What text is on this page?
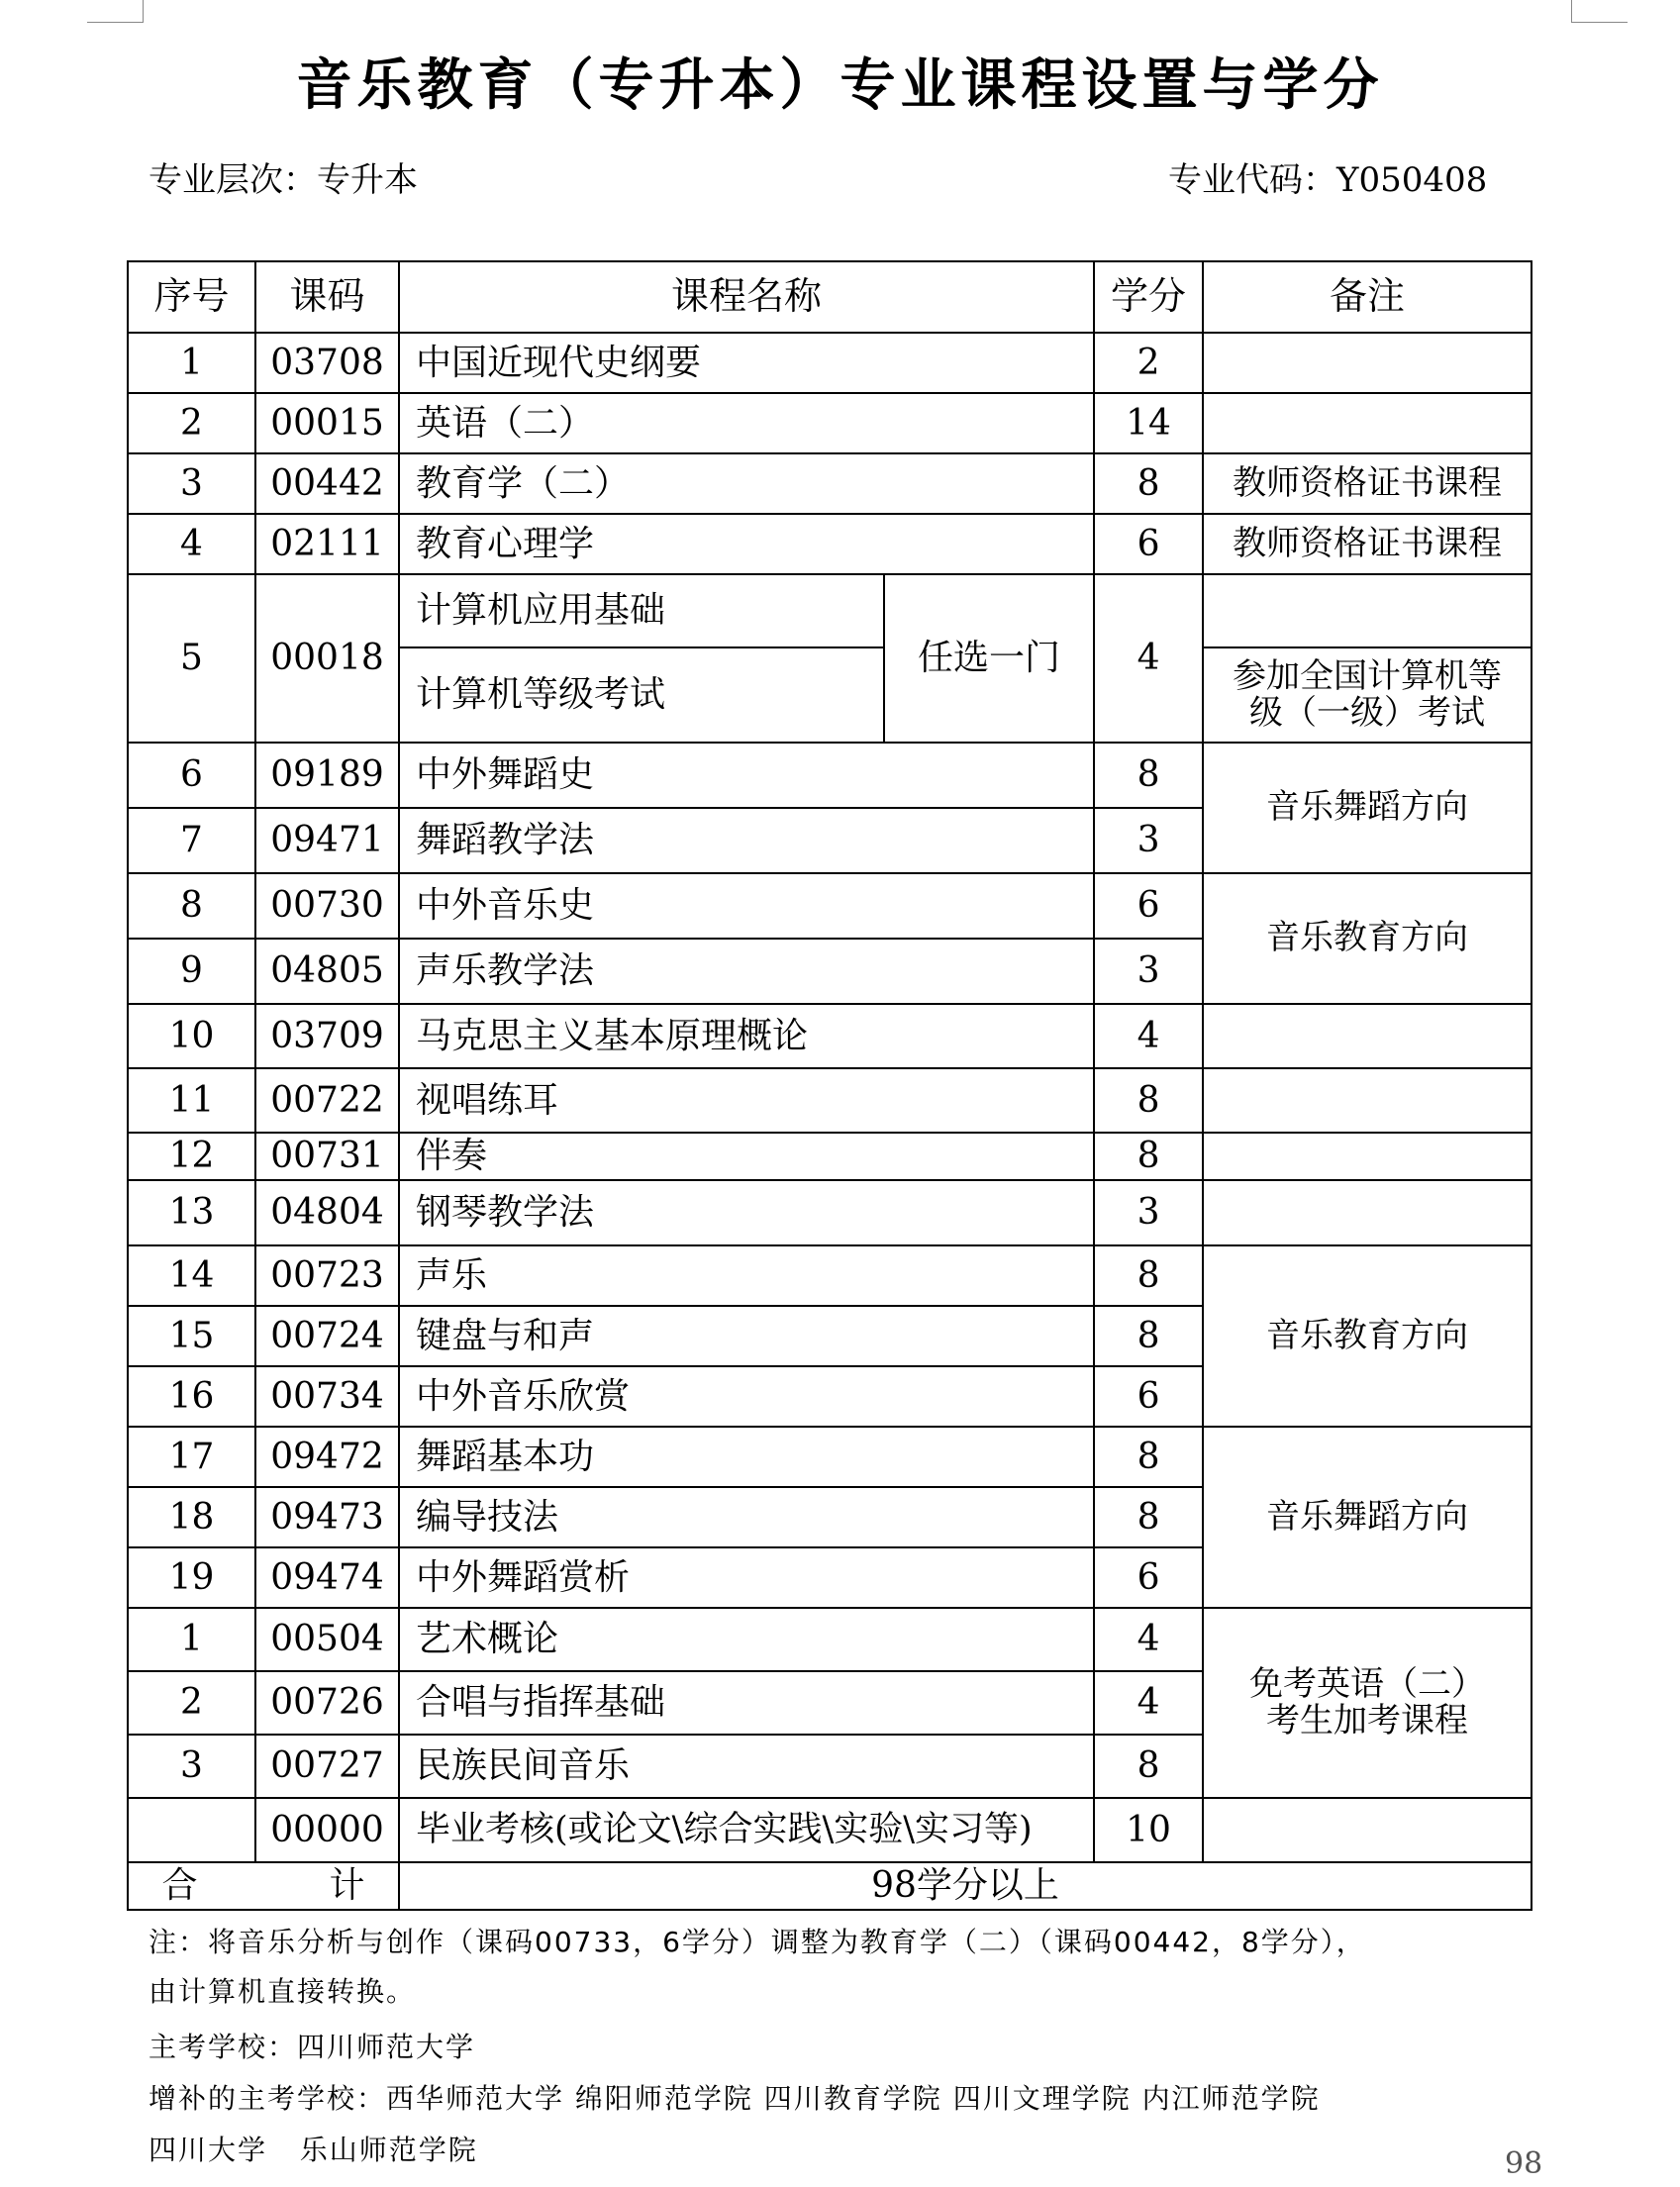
音乐教育（专升本）专业课程设置与学分
专业层次：专升本	专业代码：Y050408
序号	课码	课程名称		学分	备注
1	03708	中国近现代史纲要		2	
2	00015	英语（二）		14	
3	00442	教育学（二）		8	教师资格证书课程
4	02111	教育心理学		6	教师资格证书课程
5	00018	计算机应用基础	任选一门	4	
		计算机等级考试			参加全国计算机等级（一级）考试
6	09189	中外舞蹈史		8	音乐舞蹈方向
7	09471	舞蹈教学法		3	
8	00730	中外音乐史		6	音乐教育方向
9	04805	声乐教学法		3	
10	03709	马克思主义基本原理概论		4	
11	00722	视唱练耳		8	
12	00731	伴奏		8	
13	04804	钢琴教学法		3	
14	00723	声乐		8	音乐教育方向
15	00724	键盘与和声		8	
16	00734	中外音乐欣赏		6	
17	09472	舞蹈基本功		8	音乐舞蹈方向
18	09473	编导技法		8	
19	09474	中外舞蹈赏析		6	
1	00504	艺术概论		4	免考英语（二）考生加考课程
2	00726	合唱与指挥基础		4	
3	00727	民族民间音乐		8	
	00000	毕业考核(或论文\综合实践\实验\实习等)		10	
合 计		98学分以上			
注：将音乐分析与创作（课码00733，6学分）调整为教育学（二）（课码00442，8学分），
由计算机直接转换。
主考学校：四川师范大学
增补的主考学校：西华师范大学 绵阳师范学院 四川教育学院 四川文理学院 内江师范学院
四川大学   乐山师范学院	98
